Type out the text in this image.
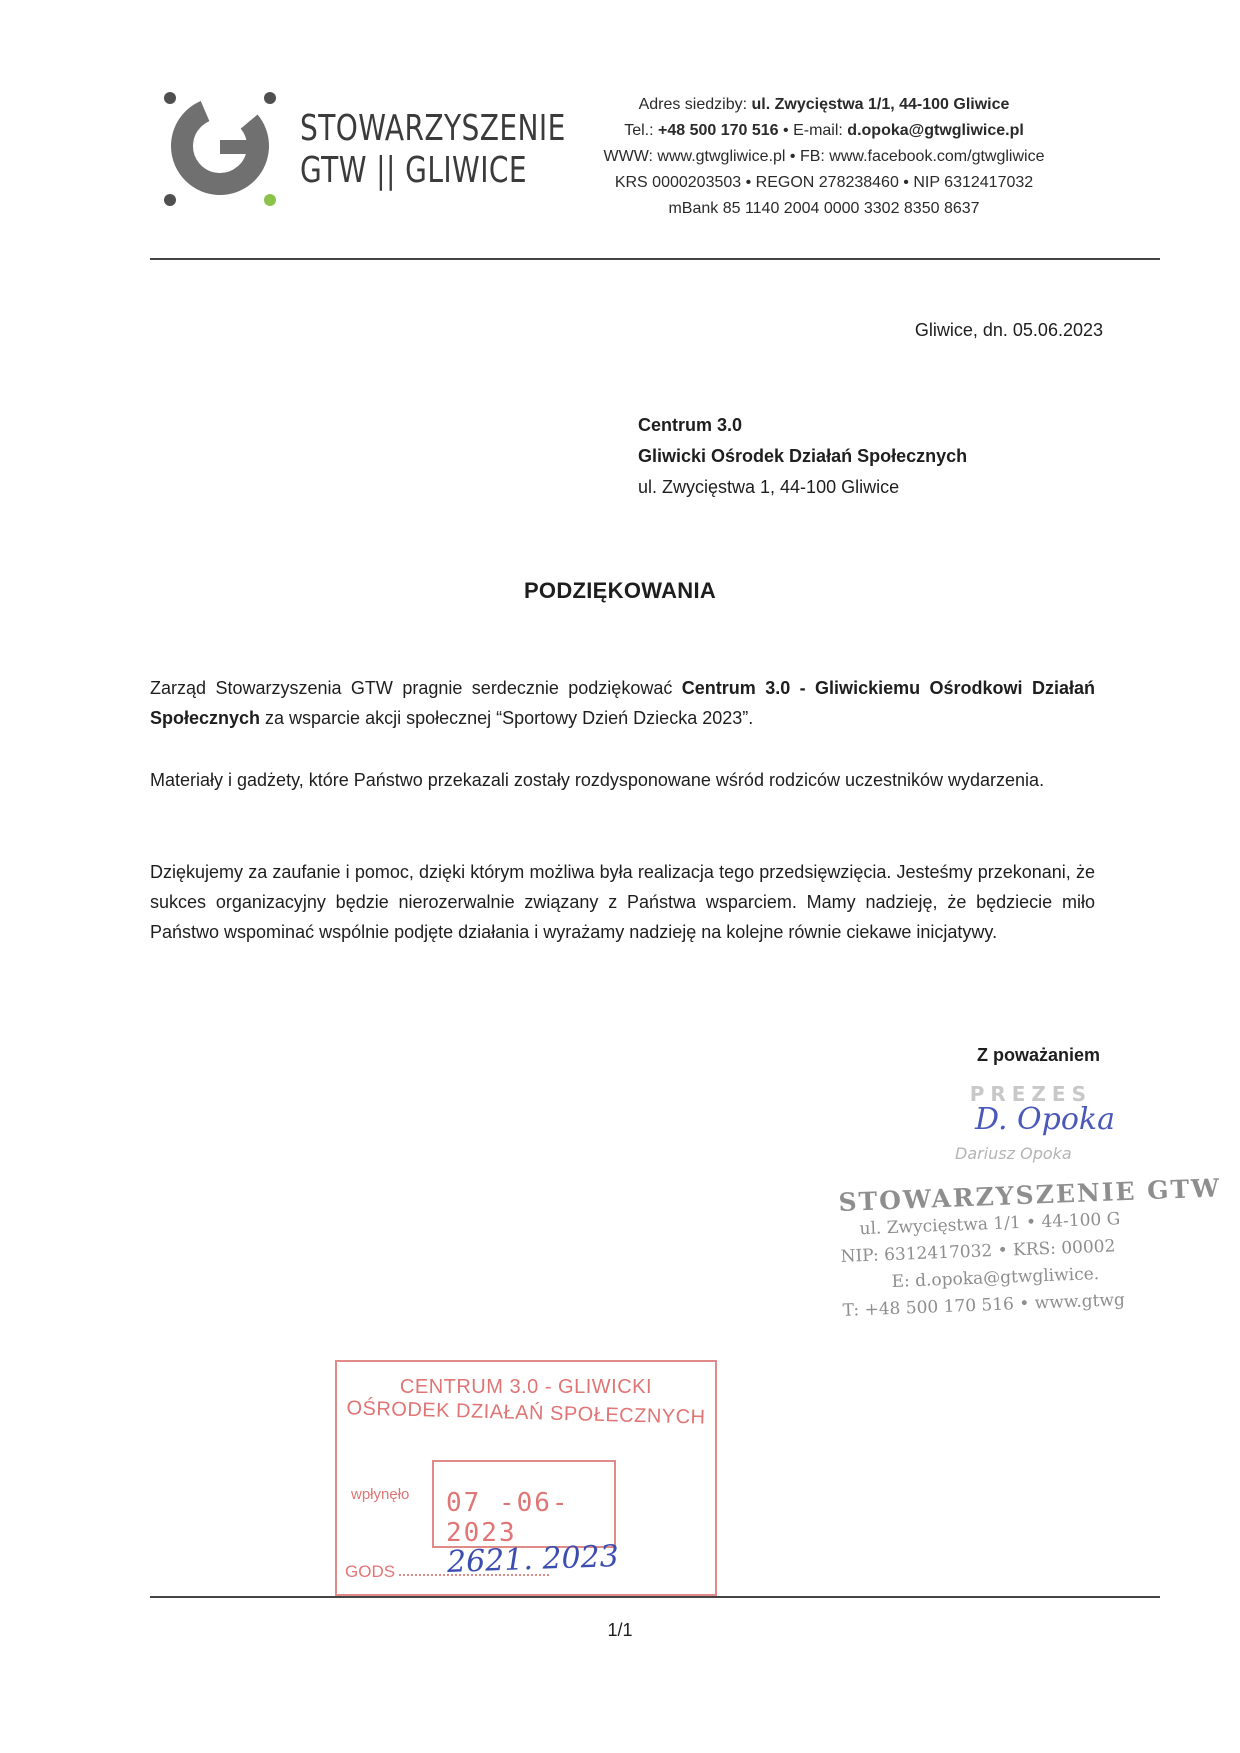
STOWARZYSZENIE
GTW || GLIWICE
Adres siedziby: ul. Zwycięstwa 1/1, 44-100 Gliwice
Tel.: +48 500 170 516 • E-mail: d.opoka@gtwgliwice.pl
WWW: www.gtwgliwice.pl • FB: www.facebook.com/gtwgliwice
KRS 0000203503 • REGON 278238460 • NIP 6312417032
mBank 85 1140 2004 0000 3302 8350 8637
Gliwice, dn. 05.06.2023
Centrum 3.0
Gliwicki Ośrodek Działań Społecznych
ul. Zwycięstwa 1, 44-100 Gliwice
PODZIĘKOWANIA
Zarząd Stowarzyszenia GTW pragnie serdecznie podziękować Centrum 3.0 - Gliwickiemu Ośrodkowi Działań Społecznych za wsparcie akcji społecznej “Sportowy Dzień Dziecka 2023”.
Materiały i gadżety, które Państwo przekazali zostały rozdysponowane wśród rodziców uczestników wydarzenia.
Dziękujemy za zaufanie i pomoc, dzięki którym możliwa była realizacja tego przedsięwzięcia. Jesteśmy przekonani, że sukces organizacyjny będzie nierozerwalnie związany z Państwa wsparciem. Mamy nadzieję, że będziecie miło Państwo wspominać wspólnie podjęte działania i wyrażamy nadzieję na kolejne równie ciekawe inicjatywy.
Z poważaniem
PREZES
D. Opoka
Dariusz Opoka
STOWARZYSZENIE GTW
ul. Zwycięstwa 1/1 • 44-100 G
NIP: 6312417032 • KRS: 00002
E: d.opoka@gtwgliwice.
T: +48 500 170 516 • www.gtwg
CENTRUM 3.0 - GLIWICKI
OŚRODEK DZIAŁAŃ SPOŁECZNYCH
wpłynęło 07 -06- 2023
GODS 2621. 2023
1/1
